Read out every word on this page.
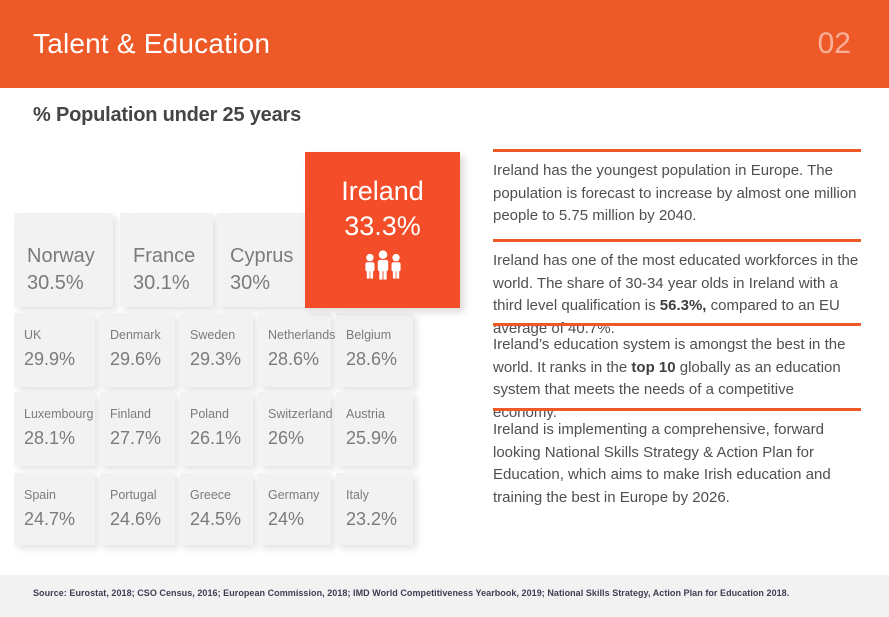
Talent & Education	02
% Population under 25 years
Norway
30.5%
France
30.1%
Cyprus
30%
UK
29.9%
Denmark
29.6%
Sweden
29.3%
Netherlands
28.6%
Belgium
28.6%
Luxembourg
28.1%
Finland
27.7%
Poland
26.1%
Switzerland
26%
Austria
25.9%
Spain
24.7%
Portugal
24.6%
Greece
24.5%
Germany
24%
Italy
23.2%
Ireland
33.3%
Ireland has the youngest population in Europe. The population is forecast to increase by almost one million people to 5.75 million by 2040.
Ireland has one of the most educated workforces in the world. The share of 30-34 year olds in Ireland with a third level qualification is 56.3%, compared to an EU average of 40.7%.
Ireland’s education system is amongst the best in the world. It ranks in the top 10 globally as an education system that meets the needs of a competitive economy.
Ireland is implementing a comprehensive, forward looking National Skills Strategy & Action Plan for Education, which aims to make Irish education and training the best in Europe by 2026.
Source: Eurostat, 2018; CSO Census, 2016; European Commission, 2018; IMD World Competitiveness Yearbook, 2019; National Skills Strategy, Action Plan for Education 2018.
